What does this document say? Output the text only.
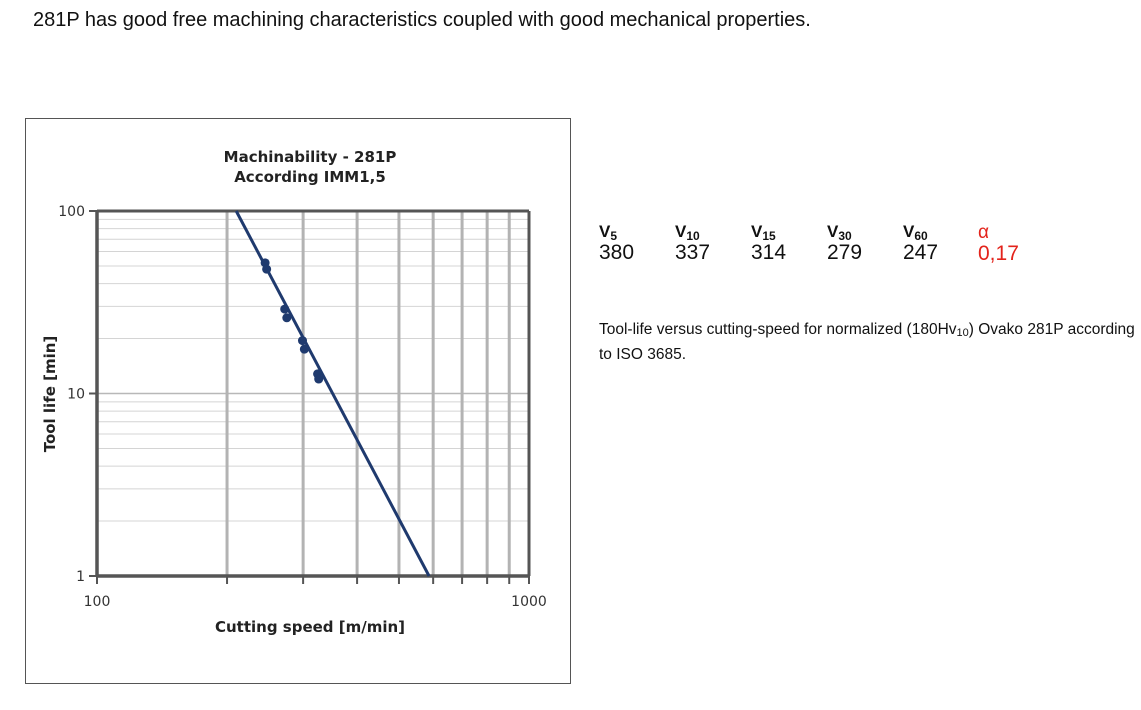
281P has good free machining characteristics coupled with good mechanical properties.
Machinability - 281P
According IMM1,5
100
10
1
100	1000
Cutting speed [m/min]
Tool life [min]
$V_5$
380
$V_{10}$
337
$V_{15}$
314
$V_{30}$
279
$V_{60}$
247
α
0,17
Tool-life versus cutting-speed for normalized $(180Hv_{10})$ Ovako 281P according to ISO 3685.
